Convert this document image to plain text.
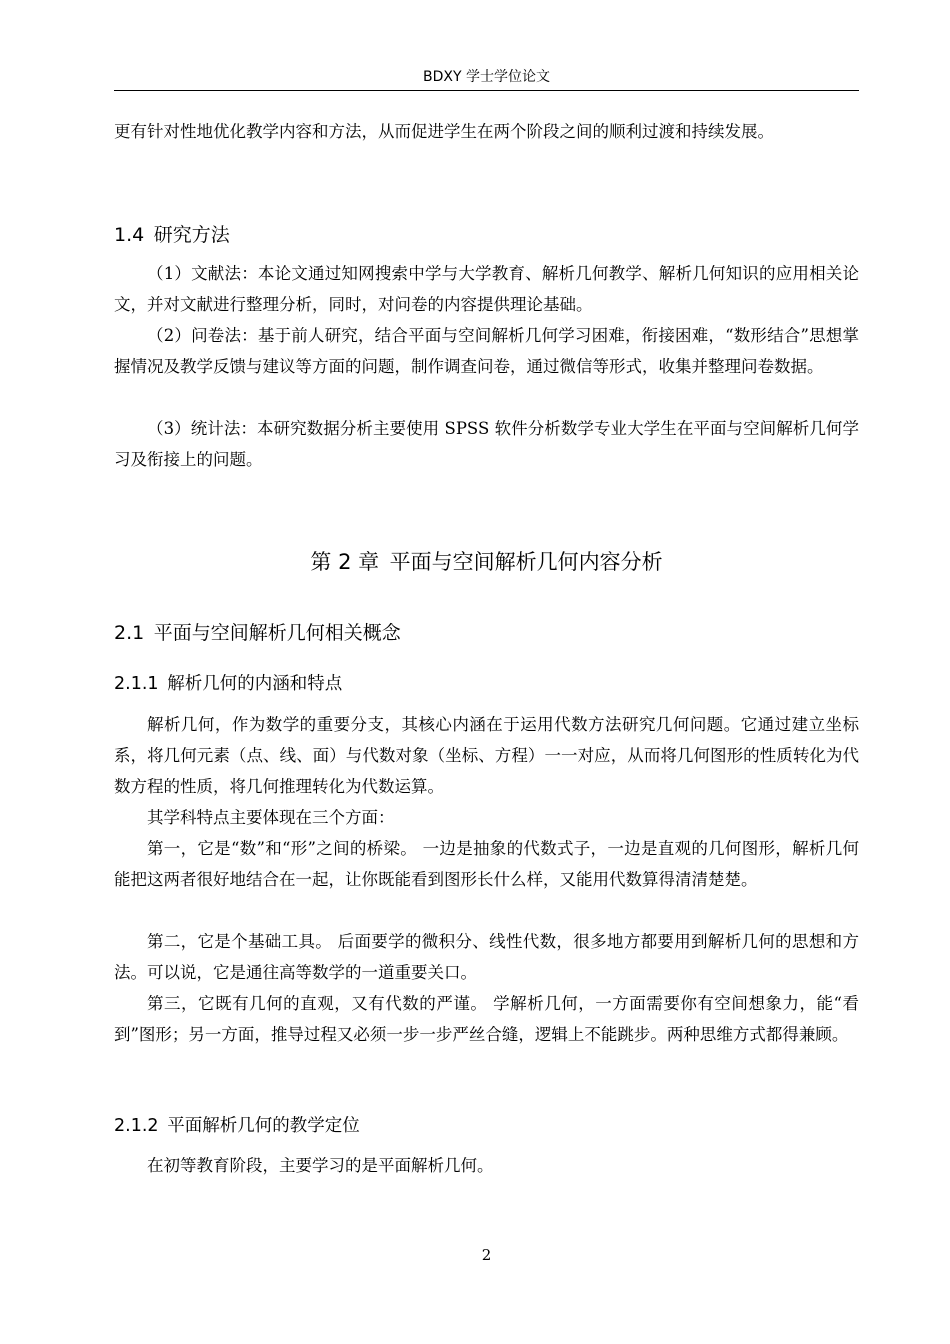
BDXY 学士学位论文

更有针对性地优化教学内容和方法，从而促进学生在两个阶段之间的顺利过渡和持续发展。

1.4 研究方法

（1）文献法：本论文通过知网搜索中学与大学教育、解析几何教学、解析几何知识的应用相关论文，并对文献进行整理分析，同时，对问卷的内容提供理论基础。

（2）问卷法：基于前人研究，结合平面与空间解析几何学习困难，衔接困难，“数形结合”思想掌握情况及教学反馈与建议等方面的问题，制作调查问卷，通过微信等形式，收集并整理问卷数据。

（3）统计法：本研究数据分析主要使用 SPSS 软件分析数学专业大学生在平面与空间解析几何学习及衔接上的问题。

第 2 章 平面与空间解析几何内容分析
2.1 平面与空间解析几何相关概念
2.1.1 解析几何的内涵和特点

解析几何，作为数学的重要分支，其核心内涵在于运用代数方法研究几何问题。它通过建立坐标系，将几何元素（点、线、面）与代数对象（坐标、方程）一一对应，从而将几何图形的性质转化为代数方程的性质，将几何推理转化为代数运算。

其学科特点主要体现在三个方面：

第一，它是“数”和“形”之间的桥梁。 一边是抽象的代数式子，一边是直观的几何图形，解析几何能把这两者很好地结合在一起，让你既能看到图形长什么样，又能用代数算得清清楚楚。

第二，它是个基础工具。 后面要学的微积分、线性代数，很多地方都要用到解析几何的思想和方法。可以说，它是通往高等数学的一道重要关口。

第三，它既有几何的直观，又有代数的严谨。 学解析几何，一方面需要你有空间想象力，能“看到”图形；另一方面，推导过程又必须一步一步严丝合缝，逻辑上不能跳步。两种思维方式都得兼顾。

2.1.2 平面解析几何的教学定位

在初等教育阶段，主要学习的是平面解析几何。

2
